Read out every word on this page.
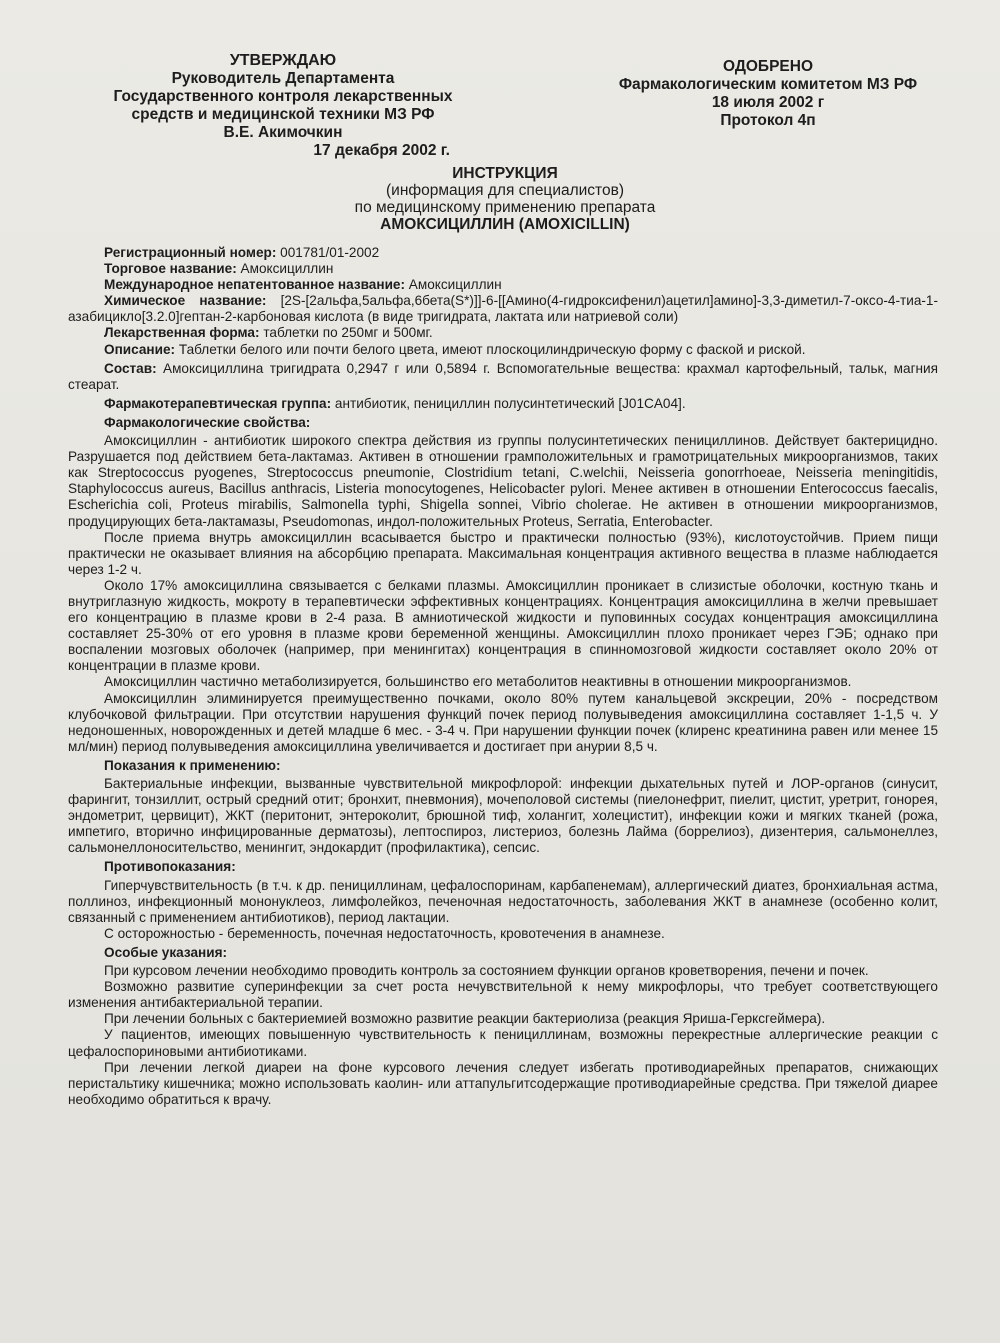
УТВЕРЖДАЮ
Руководитель Департамента
Государственного контроля лекарственных
средств и медицинской техники МЗ РФ
В.Е. Акимочкин
17 декабря 2002 г.
ОДОБРЕНО
Фармакологическим комитетом МЗ РФ
18 июля 2002 г
Протокол 4п
ИНСТРУКЦИЯ
(информация для специалистов)
по медицинскому применению препарата
АМОКСИЦИЛЛИН (AMOXICILLIN)

Регистрационный номер: 001781/01-2002

Торговое название: Амоксициллин

Международное непатентованное название: Амоксициллин

Химическое название: [2S-[2альфа,5альфа,6бета(S*)]]-6-[[Амино(4-гидроксифенил)ацетил]амино]-3,3-диметил-7-оксо-4-тиа-1-азабицикло[3.2.0]гептан-2-карбоновая кислота (в виде тригидрата, лактата или натриевой соли)

Лекарственная форма: таблетки по 250мг и 500мг.

Описание: Таблетки белого или почти белого цвета, имеют плоскоцилиндрическую форму с фаской и риской.

Состав: Амоксициллина тригидрата 0,2947 г или 0,5894 г. Вспомогательные вещества: крахмал картофельный, тальк, магния стеарат.

Фармакотерапевтическая группа: антибиотик, пенициллин полусинтетический [J01CA04].

Фармакологические свойства:

Амоксициллин - антибиотик широкого спектра действия из группы полусинтетических пенициллинов. Действует бактерицидно. Разрушается под действием бета-лактамаз. Активен в отношении грамположительных и грамотрицательных микроорганизмов, таких как Streptococcus pyogenes, Streptococcus pneumonie, Clostridium tetani, C.welchii, Neisseria gonorrhoeae, Neisseria meningitidis, Staphylococcus aureus, Bacillus anthracis, Listeria monocytogenes, Helicobacter pylori. Менее активен в отношении Enterococcus faecalis, Escherichia coli, Proteus mirabilis, Salmonella typhi, Shigella sonnei, Vibrio cholerae. Не активен в отношении микроорганизмов, продуцирующих бета-лактамазы, Pseudomonas, индол-положительных Proteus, Serratia, Enterobacter.

После приема внутрь амоксициллин всасывается быстро и практически полностью (93%), кислотоустойчив. Прием пищи практически не оказывает влияния на абсорбцию препарата. Максимальная концентрация активного вещества в плазме наблюдается через 1-2 ч.

Около 17% амоксициллина связывается с белками плазмы. Амоксициллин проникает в слизистые оболочки, костную ткань и внутриглазную жидкость, мокроту в терапевтически эффективных концентрациях. Концентрация амоксициллина в желчи превышает его концентрацию в плазме крови в 2-4 раза. В амниотической жидкости и пуповинных сосудах концентрация амоксициллина составляет 25-30% от его уровня в плазме крови беременной женщины. Амоксициллин плохо проникает через ГЭБ; однако при воспалении мозговых оболочек (например, при менингитах) концентрация в спинномозговой жидкости составляет около 20% от концентрации в плазме крови.

Амоксициллин частично метаболизируется, большинство его метаболитов неактивны в отношении микроорганизмов.

Амоксициллин элиминируется преимущественно почками, около 80% путем канальцевой экскреции, 20% - посредством клубочковой фильтрации. При отсутствии нарушения функций почек период полувыведения амоксициллина составляет 1-1,5 ч. У недоношенных, новорожденных и детей младше 6 мес. - 3-4 ч. При нарушении функции почек (клиренс креатинина равен или менее 15 мл/мин) период полувыведения амоксициллина увеличивается и достигает при анурии 8,5 ч.

Показания к применению:

Бактериальные инфекции, вызванные чувствительной микрофлорой: инфекции дыхательных путей и ЛОР-органов (синусит, фарингит, тонзиллит, острый средний отит; бронхит, пневмония), мочеполовой системы (пиелонефрит, пиелит, цистит, уретрит, гонорея, эндометрит, цервицит), ЖКТ (перитонит, энтероколит, брюшной тиф, холангит, холецистит), инфекции кожи и мягких тканей (рожа, импетиго, вторично инфицированные дерматозы), лептоспироз, листериоз, болезнь Лайма (боррелиоз), дизентерия, сальмонеллез, сальмонеллоносительство, менингит, эндокардит (профилактика), сепсис.

Противопоказания:

Гиперчувствительность (в т.ч. к др. пенициллинам, цефалоспоринам, карбапенемам), аллергический диатез, бронхиальная астма, поллиноз, инфекционный мононуклеоз, лимфолейкоз, печеночная недостаточность, заболевания ЖКТ в анамнезе (особенно колит, связанный с применением антибиотиков), период лактации.

С осторожностью - беременность, почечная недостаточность, кровотечения в анамнезе.

Особые указания:

При курсовом лечении необходимо проводить контроль за состоянием функции органов кроветворения, печени и почек.

Возможно развитие суперинфекции за счет роста нечувствительной к нему микрофлоры, что требует соответствующего изменения антибактериальной терапии.

При лечении больных с бактериемией возможно развитие реакции бактериолиза (реакция Яриша-Герксгеймера).

У пациентов, имеющих повышенную чувствительность к пенициллинам, возможны перекрестные аллергические реакции с цефалоспориновыми антибиотиками.

При лечении легкой диареи на фоне курсового лечения следует избегать противодиарейных препаратов, снижающих перистальтику кишечника; можно использовать каолин- или аттапульгитсодержащие противодиарейные средства. При тяжелой диарее необходимо обратиться к врачу.
